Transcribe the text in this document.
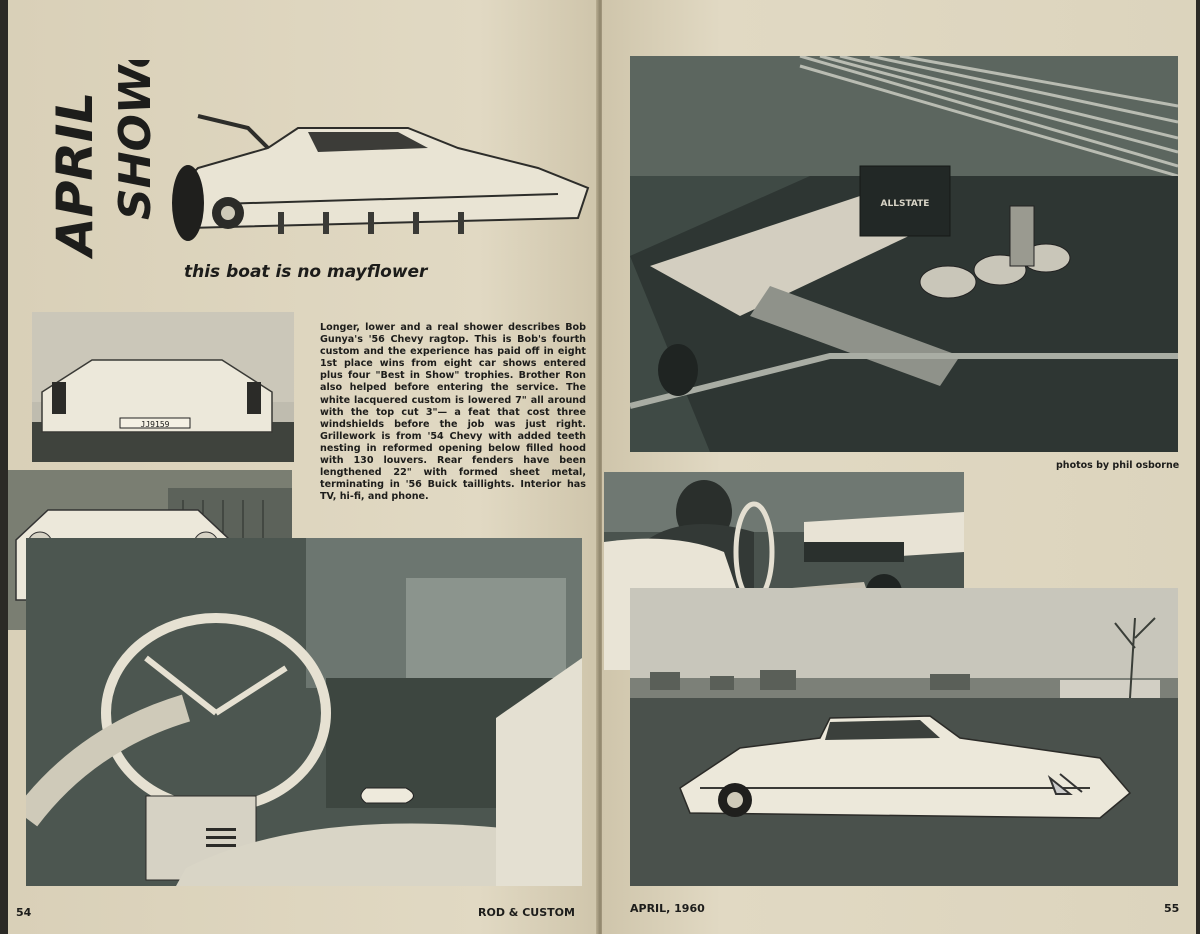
APRIL SHOWer
this boat is no mayflower
JJ9159
Longer, lower and a real shower describes Bob Gunya's '56 Chevy ragtop. This is Bob's fourth custom and the experience has paid off in eight 1st place wins from eight car shows entered plus four "Best in Show" trophies. Brother Ron also helped before entering the service. The white lacquered custom is lowered 7" all around with the top cut 3"— a feat that cost three windshields before the job was just right. Grillework is from '54 Chevy with added teeth nesting in reformed opening below filled hood with 130 louvers. Rear fenders have been lengthened 22" with formed sheet metal, terminating in '56 Buick taillights. Interior has TV, hi-fi, and phone.
54	ROD & CUSTOM
ALLSTATE
photos by phil osborne
APRIL, 1960	55
